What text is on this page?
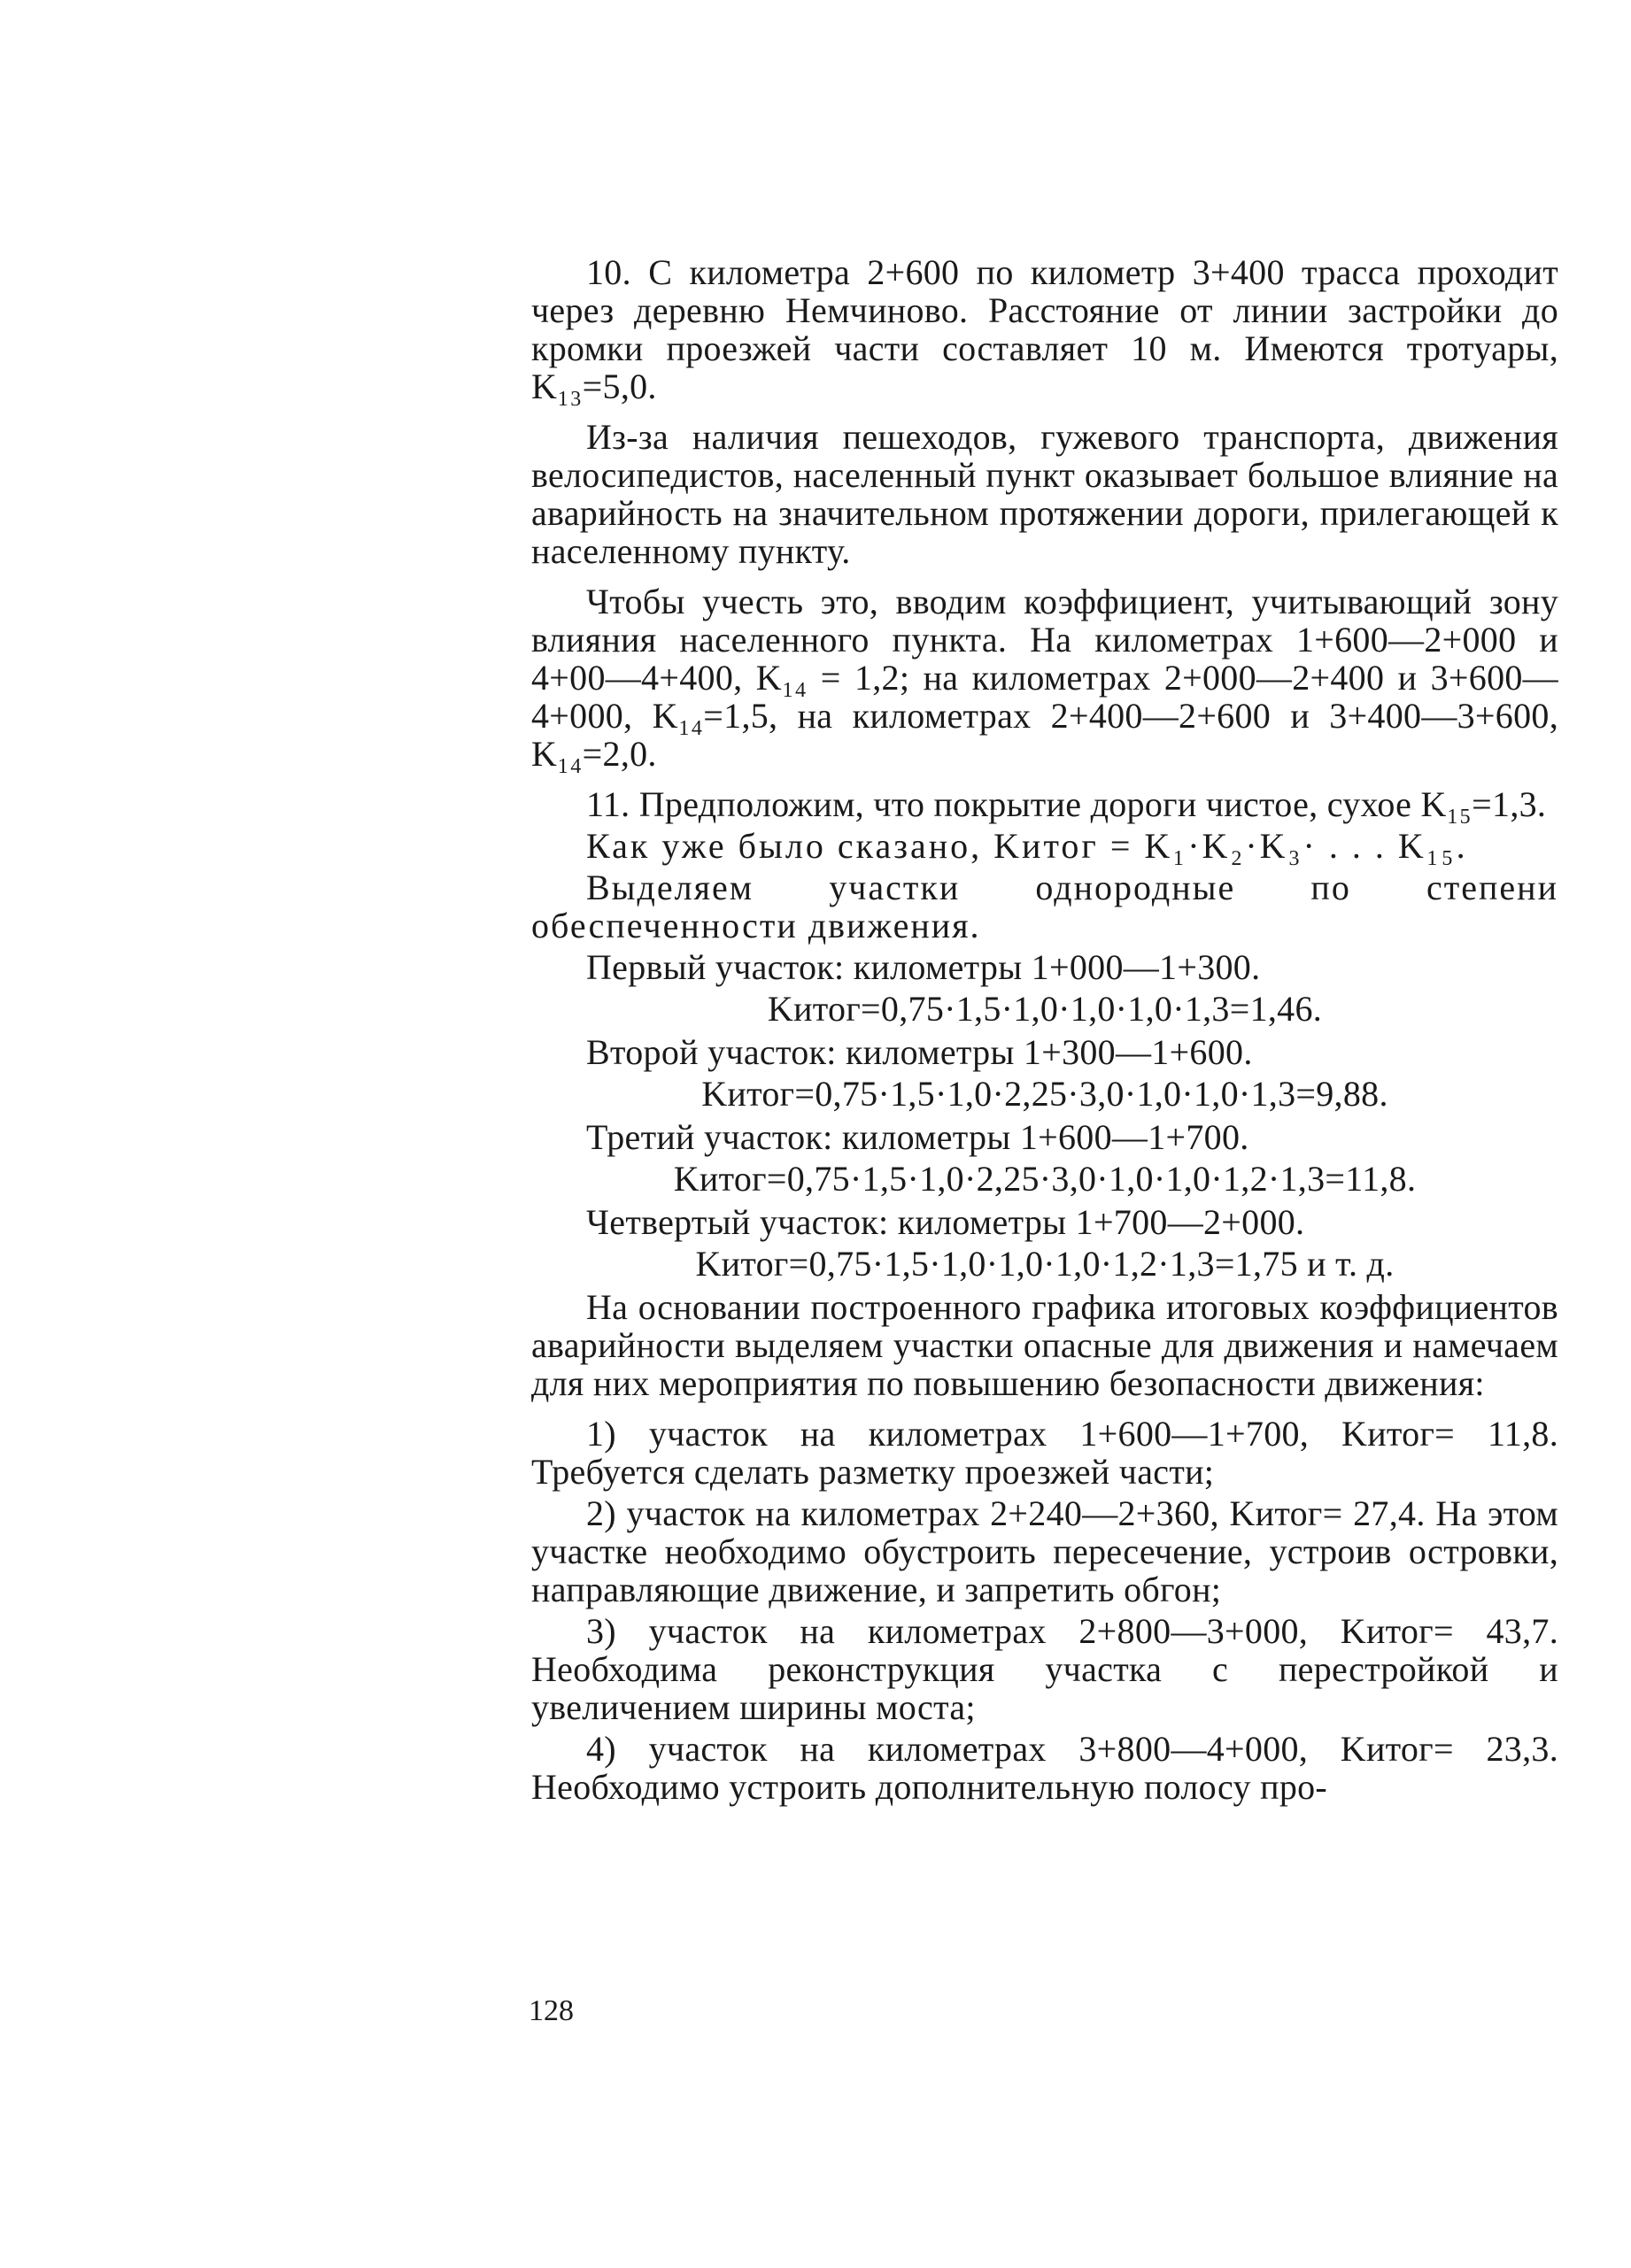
10. С километра 2+600 по километр 3+400 трасса проходит через деревню Немчиново. Расстояние от линии застройки до кромки проезжей части составляет 10 м. Имеются тротуары, K₁₃=5,0.

Из-за наличия пешеходов, гужевого транспорта, движения велосипедистов, населенный пункт оказывает большое влияние на аварийность на значительном протяжении дороги, прилегающей к населенному пункту.

Чтобы учесть это, вводим коэффициент, учитывающий зону влияния населенного пункта. На километрах 1+600—2+000 и 4+00—4+400, K₁₄ = 1,2; на километрах 2+000—2+400 и 3+600—4+000, K₁₄=1,5, на километрах 2+400—2+600 и 3+400—3+600, K₁₄=2,0.

11. Предположим, что покрытие дороги чистое, сухое K₁₅=1,3.

Как уже было сказано, Kитог = K₁·K₂·K₃· . . . K₁₅.

Выделяем участки однородные по степени обеспеченности движения.

Первый участок: километры 1+000—1+300.

Kитог=0,75·1,5·1,0·1,0·1,0·1,3=1,46.

Второй участок: километры 1+300—1+600.

Kитог=0,75·1,5·1,0·2,25·3,0·1,0·1,0·1,3=9,88.

Третий участок: километры 1+600—1+700.

Kитог=0,75·1,5·1,0·2,25·3,0·1,0·1,0·1,2·1,3=11,8.

Четвертый участок: километры 1+700—2+000.

Kитог=0,75·1,5·1,0·1,0·1,0·1,2·1,3=1,75 и т. д.

На основании построенного графика итоговых коэффициентов аварийности выделяем участки опасные для движения и намечаем для них мероприятия по повышению безопасности движения:

1) участок на километрах 1+600—1+700, Kитог= 11,8. Требуется сделать разметку проезжей части;

2) участок на километрах 2+240—2+360, Kитог= 27,4. На этом участке необходимо обустроить пересечение, устроив островки, направляющие движение, и запретить обгон;

3) участок на километрах 2+800—3+000, Kитог= 43,7. Необходима реконструкция участка с перестройкой и увеличением ширины моста;

4) участок на километрах 3+800—4+000, Kитог= 23,3. Необходимо устроить дополнительную полосу про-

128
